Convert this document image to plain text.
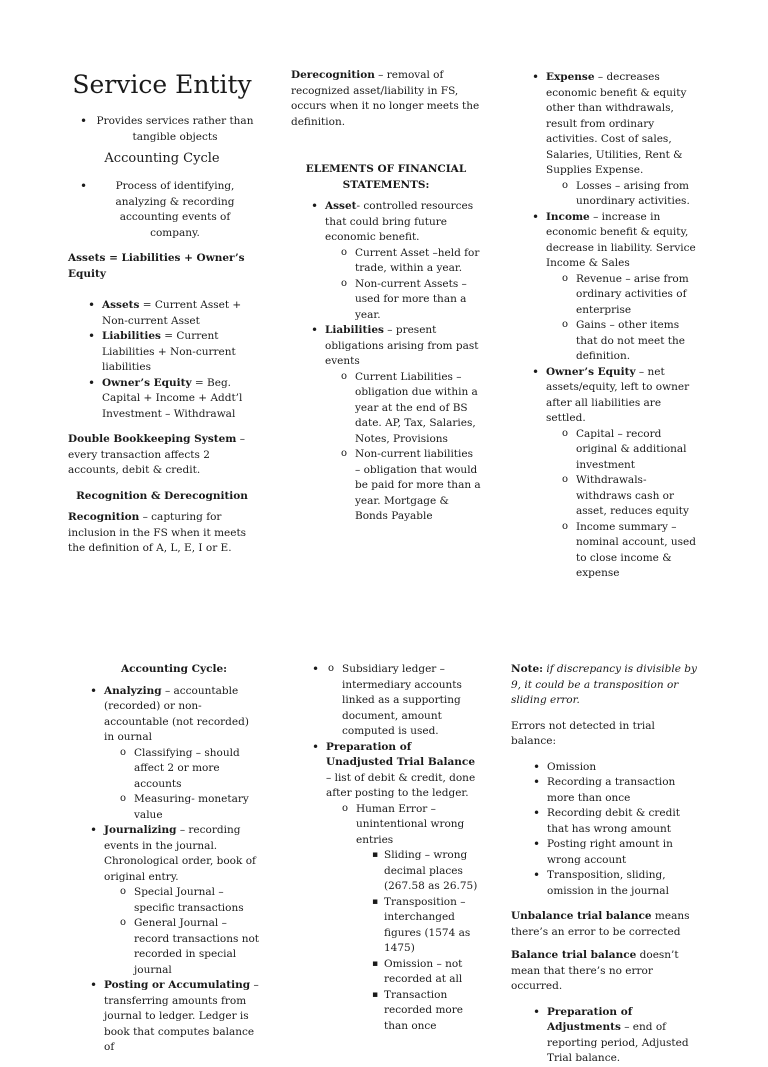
Service Entity
• Provides services rather than tangible objects
Accounting Cycle
• Process of identifying, analyzing & recording accounting events of company.

Assets = Liabilities + Owner’s Equity

• Assets = Current Asset + Non-current Asset
• Liabilities = Current Liabilities + Non-current liabilities
• Owner’s Equity = Beg. Capital + Income + Addt’l Investment – Withdrawal

Double Bookkeeping System – every transaction affects 2 accounts, debit & credit.

Recognition & Derecognition

Recognition – capturing for inclusion in the FS when it meets the definition of A, L, E, I or E.

Derecognition – removal of recognized asset/liability in FS, occurs when it no longer meets the definition.

ELEMENTS OF FINANCIAL STATEMENTS:

• Asset- controlled resources that could bring future economic benefit.
o Current Asset –held for trade, within a year.
o Non-current Assets – used for more than a year.
• Liabilities – present obligations arising from past events
o Current Liabilities – obligation due within a year at the end of BS date. AP, Tax, Salaries, Notes, Provisions
o Non-current liabilities – obligation that would be paid for more than a year. Mortgage & Bonds Payable
• Expense – decreases economic benefit & equity other than withdrawals, result from ordinary activities. Cost of sales, Salaries, Utilities, Rent & Supplies Expense.
o Losses – arising from unordinary activities.
• Income – increase in economic benefit & equity, decrease in liability. Service Income & Sales
o Revenue – arise from ordinary activities of enterprise
o Gains – other items that do not meet the definition.
• Owner’s Equity – net assets/equity, left to owner after all liabilities are settled.
o Capital – record original & additional investment
o Withdrawals- withdraws cash or asset, reduces equity
o Income summary – nominal account, used to close income & expense

Accounting Cycle:

• Analyzing – accountable (recorded) or non-accountable (not recorded) in ournal
o Classifying – should affect 2 or more accounts
o Measuring- monetary value
• Journalizing – recording events in the journal. Chronological order, book of original entry.
o Special Journal – specific transactions
o General Journal – record transactions not recorded in special journal
• Posting or Accumulating – transferring amounts from journal to ledger. Ledger is book that computes balance of
o • Subsidiary ledger – intermediary accounts linked as a supporting document, amount computed is used.
• Preparation of Unadjusted Trial Balance – list of debit & credit, done after posting to the ledger.
o Human Error – unintentional wrong entries
▪ Sliding – wrong decimal places (267.58 as 26.75)
▪ Transposition – interchanged figures (1574 as 1475)
▪ Omission – not recorded at all
▪ Transaction recorded more than once

Note: if discrepancy is divisible by 9, it could be a transposition or sliding error.

Errors not detected in trial balance:

• Omission
• Recording a transaction more than once
• Recording debit & credit that has wrong amount
• Posting right amount in wrong account
• Transposition, sliding, omission in the journal

Unbalance trial balance means there’s an error to be corrected

Balance trial balance doesn’t mean that there’s no error occurred.

• Preparation of Adjustments – end of reporting period, Adjusted Trial balance.
